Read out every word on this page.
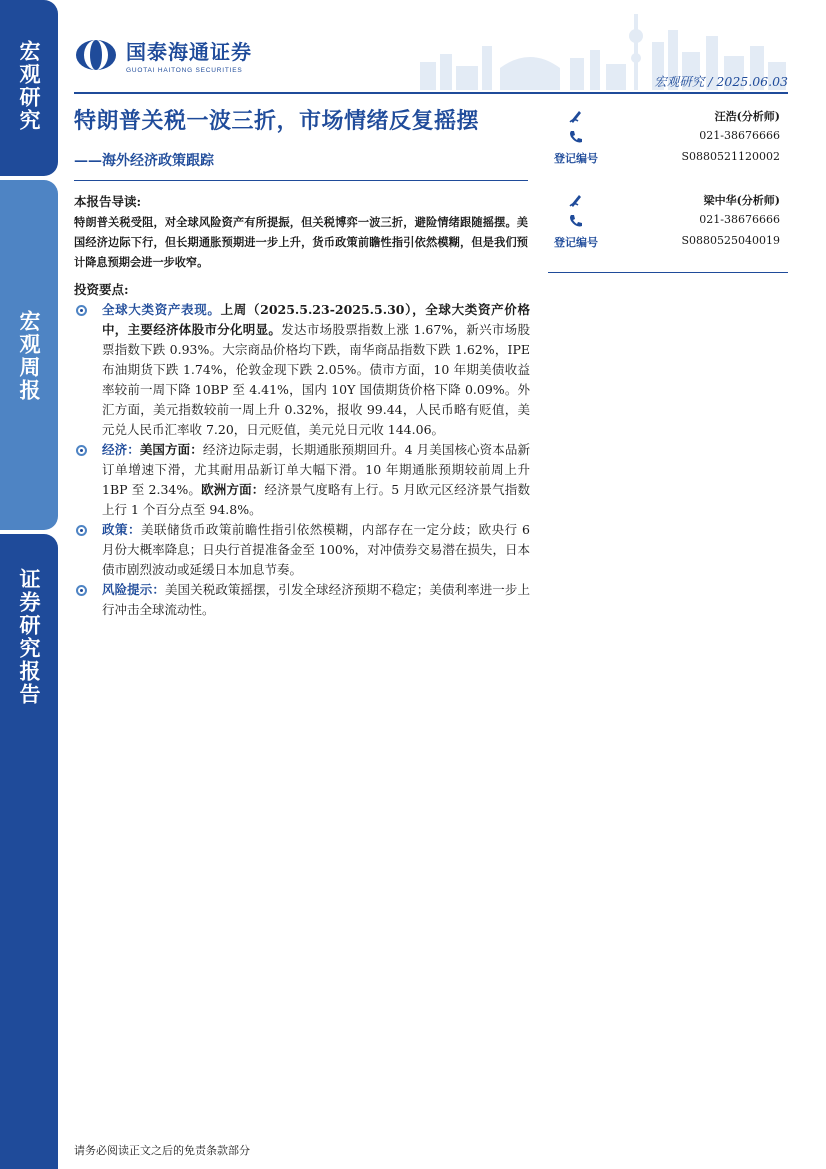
宏观研究
宏观周报
证券研究报告
国泰海通证券
GUOTAI HAITONG SECURITIES
宏观研究 / 2025.06.03
特朗普关税一波三折，市场情绪反复摇摆
——海外经济政策跟踪
本报告导读:
特朗普关税受阻，对全球风险资产有所提振，但关税博弈一波三折，避险情绪跟随摇摆。美国经济边际下行，但长期通胀预期进一步上升，货币政策前瞻性指引依然模糊，但是我们预计降息预期会进一步收窄。
投资要点:
全球大类资产表现。上周（2025.5.23-2025.5.30），全球大类资产价格中，主要经济体股市分化明显。发达市场股票指数上涨 1.67%，新兴市场股票指数下跌 0.93%。大宗商品价格均下跌，南华商品指数下跌 1.62%，IPE 布油期货下跌 1.74%，伦敦金现下跌 2.05%。债市方面，10 年期美债收益率较前一周下降 10BP 至 4.41%，国内 10Y 国债期货价格下降 0.09%。外汇方面，美元指数较前一周上升 0.32%，报收 99.44，人民币略有贬值，美元兑人民币汇率收 7.20，日元贬值，美元兑日元收 144.06。
经济：美国方面：经济边际走弱，长期通胀预期回升。4 月美国核心资本品新订单增速下滑，尤其耐用品新订单大幅下滑。10 年期通胀预期较前周上升 1BP 至 2.34%。欧洲方面：经济景气度略有上行。5 月欧元区经济景气指数上行 1 个百分点至 94.8%。
政策：美联储货币政策前瞻性指引依然模糊，内部存在一定分歧；欧央行 6 月份大概率降息；日央行首提准备金至 100%，对冲债券交易潜在损失，日本债市剧烈波动或延缓日本加息节奏。
风险提示：美国关税政策摇摆，引发全球经济预期不稳定；美债利率进一步上行冲击全球流动性。
汪浩(分析师)
021-38676666
登记编号	S0880521120002
梁中华(分析师)
021-38676666
登记编号	S0880525040019
请务必阅读正文之后的免责条款部分
